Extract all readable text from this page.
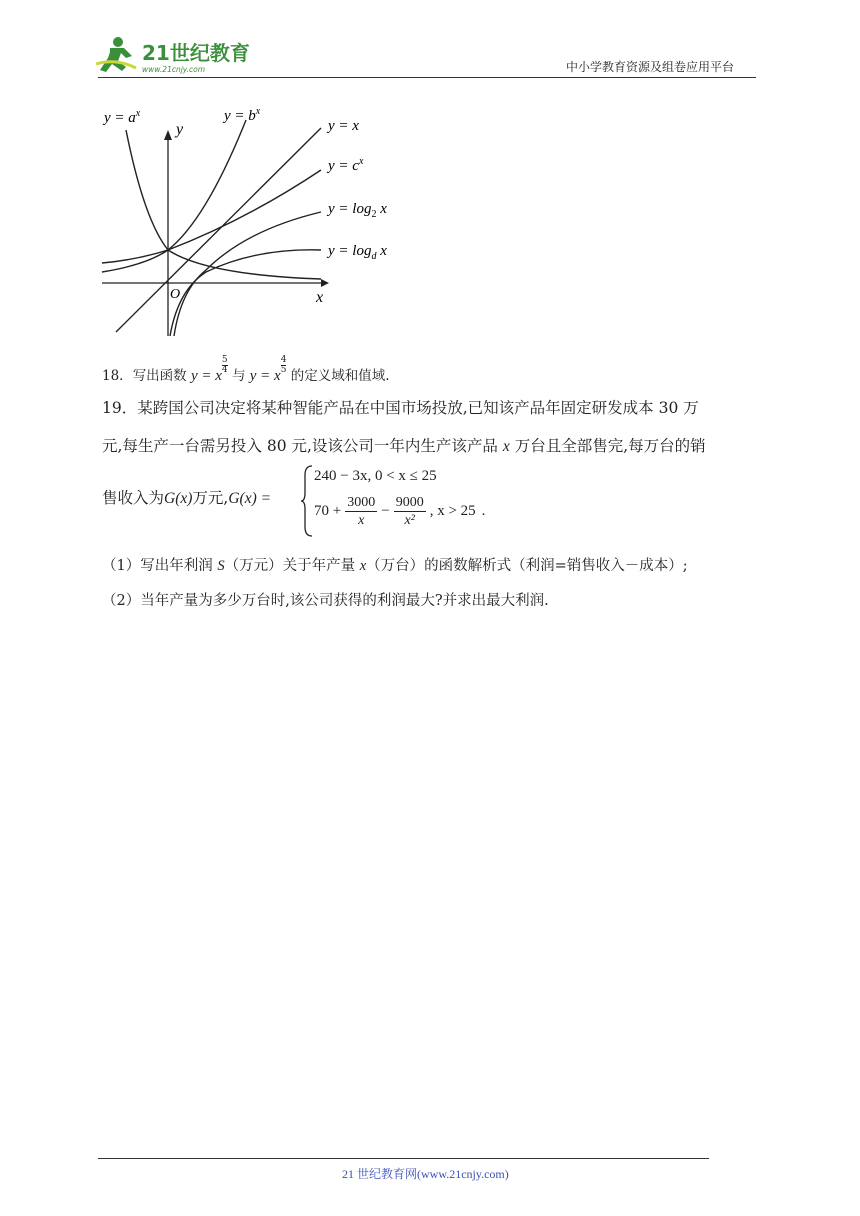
21世纪教育
www.21cnjy.com	中小学教育资源及组卷应用平台
$y = a^x$	$y = b^x$
y = x
$y = c^x$
$y = \log_2 x$
$y = \log_d x$
y
x
O
18．写出函数 y = x
$\frac{5}{4}$
与 y = x
$\frac{4}{5}$
的定义域和值域.
19．某跨国公司决定将某种智能产品在中国市场投放,已知该产品年固定研发成本 30 万
元,每生产一台需另投入 80 元,设该公司一年内生产该产品 x 万台且全部售完,每万台的销
售收入为G(x)万元,G(x) =
240 − 3x, 0 < x ≤ 25
$70 + \frac{3000}{x} - \frac{9000}{\text{x²}}$ , x > 25 .
（1）写出年利润 S（万元）关于年产量 x（万台）的函数解析式（利润=销售收入－成本）;
（2）当年产量为多少万台时,该公司获得的利润最大?并求出最大利润.
21 世纪教育网(www.21cnjy.com)
